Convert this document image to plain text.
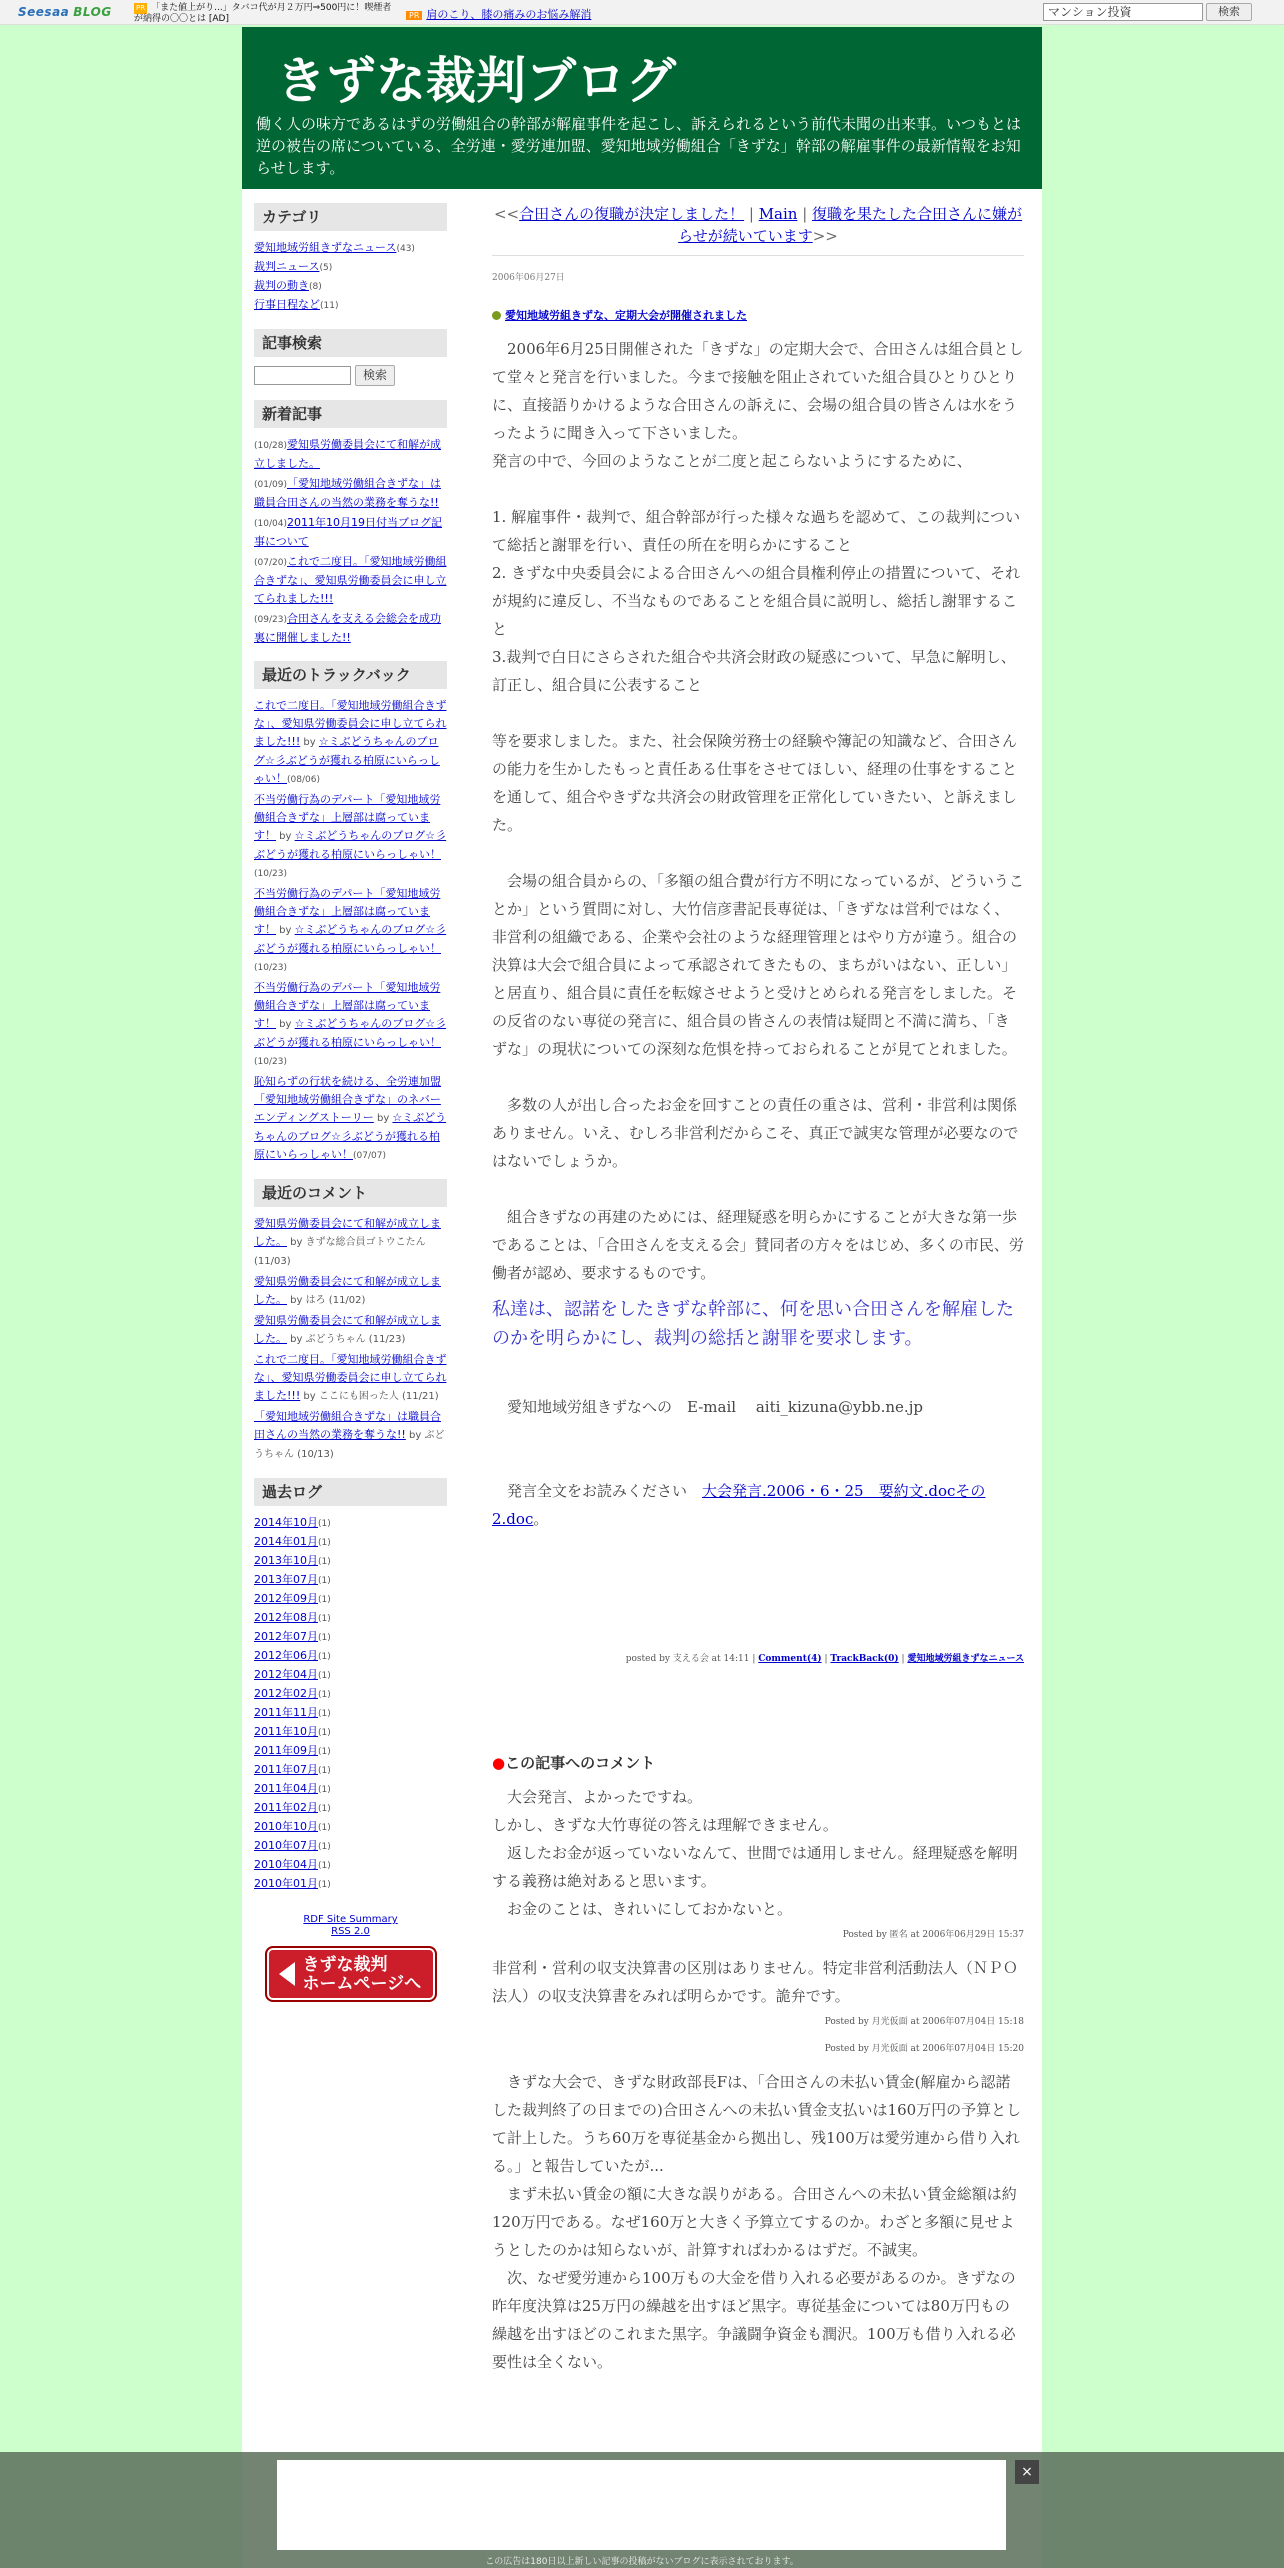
Seesaa BLOG	PR 「また値上がり...」タバコ代が月２万円⇒500円に！喫煙者が納得の〇〇とは [AD]	PR 肩のこり、膝の痛みのお悩み解消	マンション投資	検索
きずな裁判ブログ
働く人の味方であるはずの労働組合の幹部が解雇事件を起こし、訴えられるという前代未聞の出来事。いつもとは逆の被告の席についている、全労連・愛労連加盟、愛知地域労働組合「きずな」幹部の解雇事件の最新情報をお知らせします。
カテゴリ
愛知地域労組きずなニュース(43)
裁判ニュース(5)
裁判の動き(8)
行事日程など(11)
記事検索
検索
新着記事
(10/28)愛知県労働委員会にて和解が成立しました。
(01/09)「愛知地域労働組合きずな」は職員合田さんの当然の業務を奪うな!!
(10/04)2011年10月19日付当ブログ記事について
(07/20)これで二度目。「愛知地域労働組合きずな」、愛知県労働委員会に申し立てられました!!!
(09/23)合田さんを支える会総会を成功裏に開催しました!!
最近のトラックバック
これで二度目。「愛知地域労働組合きずな」、愛知県労働委員会に申し立てられました!!! by ☆ミぶどうちゃんのブログ☆彡ぶどうが獲れる柏原にいらっしゃい！(08/06)
不当労働行為のデパート「愛知地域労働組合きずな」上層部は腐っています！ by ☆ミぶどうちゃんのブログ☆彡ぶどうが獲れる柏原にいらっしゃい！(10/23)
不当労働行為のデパート「愛知地域労働組合きずな」上層部は腐っています！ by ☆ミぶどうちゃんのブログ☆彡ぶどうが獲れる柏原にいらっしゃい！(10/23)
不当労働行為のデパート「愛知地域労働組合きずな」上層部は腐っています！ by ☆ミぶどうちゃんのブログ☆彡ぶどうが獲れる柏原にいらっしゃい！(10/23)
恥知らずの行状を続ける、全労連加盟「愛知地域労働組合きずな」のネバーエンディングストーリー by ☆ミぶどうちゃんのブログ☆彡ぶどうが獲れる柏原にいらっしゃい！(07/07)
最近のコメント
愛知県労働委員会にて和解が成立しました。 by きずな総合員ゴトウこたん (11/03)
愛知県労働委員会にて和解が成立しました。 by はろ (11/02)
愛知県労働委員会にて和解が成立しました。 by ぶどうちゃん (11/23)
これで二度目。「愛知地域労働組合きずな」、愛知県労働委員会に申し立てられました!!! by ここにも困った人 (11/21)
「愛知地域労働組合きずな」は職員合田さんの当然の業務を奪うな!! by ぶどうちゃん (10/13)
過去ログ
2014年10月(1)
2014年01月(1)
2013年10月(1)
2013年07月(1)
2012年09月(1)
2012年08月(1)
2012年07月(1)
2012年06月(1)
2012年04月(1)
2012年02月(1)
2011年11月(1)
2011年10月(1)
2011年09月(1)
2011年07月(1)
2011年04月(1)
2011年02月(1)
2010年10月(1)
2010年07月(1)
2010年04月(1)
2010年01月(1)
RDF Site Summary
RSS 2.0
きずな裁判
ホームページへ
<<合田さんの復職が決定しました！ | Main | 復職を果たした合田さんに嫌がらせが続いています>>
2006年06月27日
愛知地域労組きずな、定期大会が開催されました

　2006年6月25日開催された「きずな」の定期大会で、合田さんは組合員として堂々と発言を行いました。今まで接触を阻止されていた組合員ひとりひとりに、直接語りかけるような合田さんの訴えに、会場の組合員の皆さんは水をうったように聞き入って下さいました。

発言の中で、今回のようなことが二度と起こらないようにするために、

1. 解雇事件・裁判で、組合幹部が行った様々な過ちを認めて、この裁判について総括と謝罪を行い、責任の所在を明らかにすること

2. きずな中央委員会による合田さんへの組合員権利停止の措置について、それが規約に違反し、不当なものであることを組合員に説明し、総括し謝罪すること

3.裁判で白日にさらされた組合や共済会財政の疑惑について、早急に解明し、訂正し、組合員に公表すること

等を要求しました。また、社会保険労務士の経験や簿記の知識など、合田さんの能力を生かしたもっと責任ある仕事をさせてほしい、経理の仕事をすることを通して、組合やきずな共済会の財政管理を正常化していきたい、と訴えました。

　会場の組合員からの、「多額の組合費が行方不明になっているが、どういうことか」という質問に対し、大竹信彦書記長専従は、「きずなは営利ではなく、非営利の組織である、企業や会社のような経理管理とはやり方が違う。組合の決算は大会で組合員によって承認されてきたもの、まちがいはない、正しい」と居直り、組合員に責任を転嫁させようと受けとめられる発言をしました。その反省のない専従の発言に、組合員の皆さんの表情は疑問と不満に満ち、「きずな」の現状についての深刻な危惧を持っておられることが見てとれました。

　多数の人が出し合ったお金を回すことの責任の重さは、営利・非営利は関係ありません。いえ、むしろ非営利だからこそ、真正で誠実な管理が必要なのではないでしょうか。

　組合きずなの再建のためには、経理疑惑を明らかにすることが大きな第一歩であることは、「合田さんを支える会」賛同者の方々をはじめ、多くの市民、労働者が認め、要求するものです。

私達は、認諾をしたきずな幹部に、何を思い合田さんを解雇したのかを明らかにし、裁判の総括と謝罪を要求します。

　愛知地域労組きずなへの　E-mail　 aiti_kizuna@ybb.ne.jp

　発言全文をお読みください　大会発言.2006・6・25　要約文.docその2.doc。

posted by 支える会 at 14:11 | Comment(4) | TrackBack(0) | 愛知地域労組きずなニュース
●この記事へのコメント

　大会発言、よかったですね。

しかし、きずな大竹専従の答えは理解できません。

　返したお金が返っていないなんて、世間では通用しません。経理疑惑を解明する義務は絶対あると思います。

　お金のことは、きれいにしておかないと。

Posted by 匿名 at 2006年06月29日 15:37

非営利・営利の収支決算書の区別はありません。特定非営利活動法人（ＮＰＯ法人）の収支決算書をみれば明らかです。詭弁です。

Posted by 月光仮面 at 2006年07月04日 15:18
Posted by 月光仮面 at 2006年07月04日 15:20

　きずな大会で、きずな財政部長Fは、「合田さんの未払い賃金(解雇から認諾した裁判終了の日までの)合田さんへの未払い賃金支払いは160万円の予算として計上した。うち60万を専従基金から拠出し、残100万は愛労連から借り入れる。」と報告していたが...

　まず未払い賃金の額に大きな誤りがある。合田さんへの未払い賃金総額は約120万円である。なぜ160万と大きく予算立てするのか。わざと多額に見せようとしたのかは知らないが、計算すればわかるはずだ。不誠実。

　次、なぜ愛労連から100万もの大金を借り入れる必要があるのか。きずなの昨年度決算は25万円の繰越を出すほど黒字。専従基金については80万円もの繰越を出すほどのこれまた黒字。争議闘争資金も潤沢。100万も借り入れる必要性は全くない。

×
この広告は180日以上新しい記事の投稿がないブログに表示されております。
